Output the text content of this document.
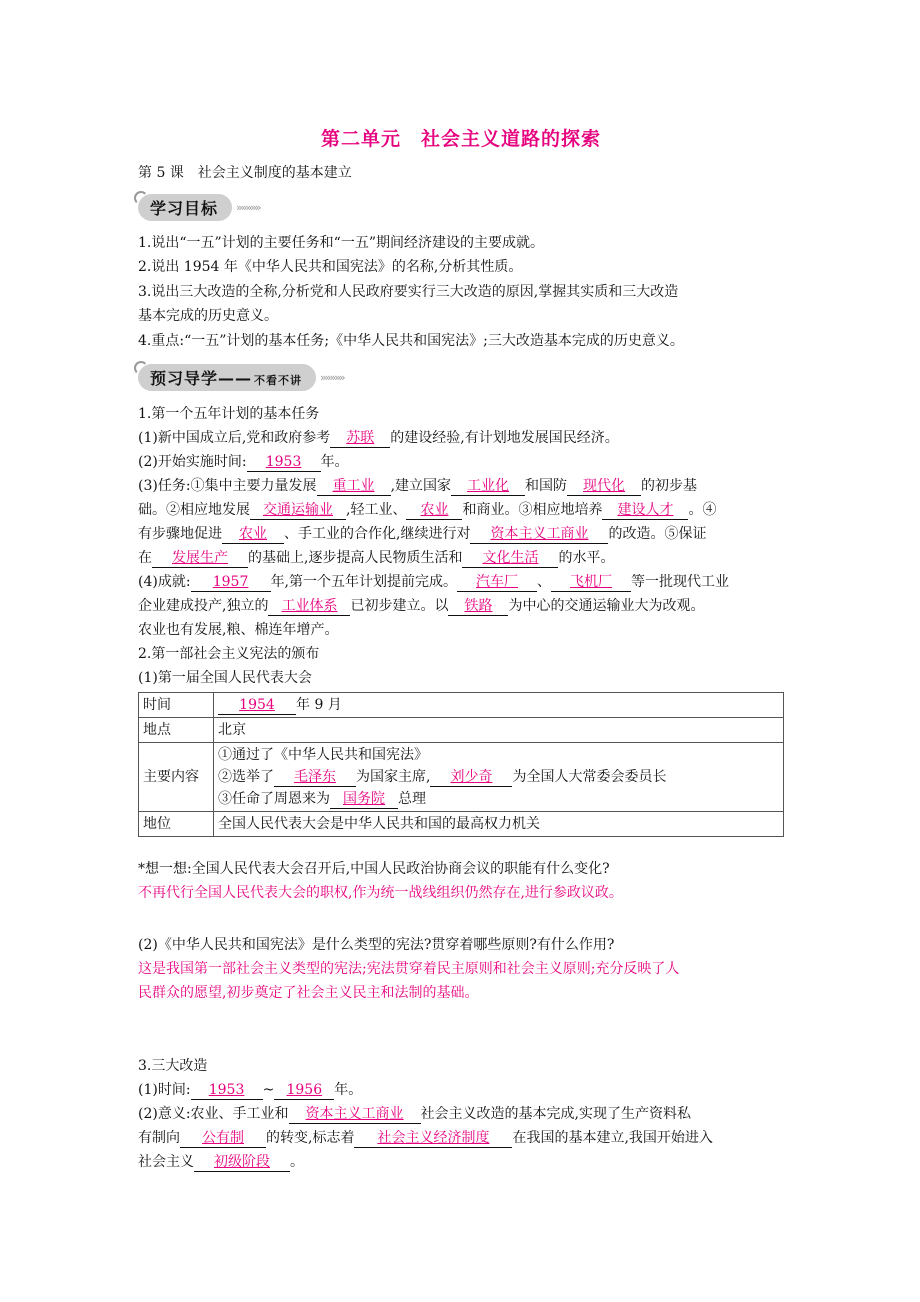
第二单元　社会主义道路的探索
第 5 课　社会主义制度的基本建立
学习目标	»»»»»
1.说出“一五”计划的主要任务和“一五”期间经济建设的主要成就。
2.说出 1954 年《中华人民共和国宪法》的名称,分析其性质。
3.说出三大改造的全称,分析党和人民政府要实行三大改造的原因,掌握其实质和三大改造
基本完成的历史意义。
4.重点:“一五”计划的基本任务;《中华人民共和国宪法》;三大改造基本完成的历史意义。
预习导学—— 不看不讲	»»»»»
1.第一个五年计划的基本任务
(1)新中国成立后,党和政府参考 苏联 的建设经验,有计划地发展国民经济。
(2)开始实施时间: 1953 年。
(3)任务:①集中主要力量发展 重工业 ,建立国家 工业化 和国防 现代化 的初步基
础。②相应地发展 交通运输业 ,轻工业、 农业 和商业。③相应地培养 建设人才 。④
有步骤地促进 农业 、手工业的合作化,继续进行对 资本主义工商业 的改造。⑤保证
在 发展生产 的基础上,逐步提高人民物质生活和 文化生活 的水平。
(4)成就: 1957 年,第一个五年计划提前完成。 汽车厂 、 飞机厂 等一批现代工业
企业建成投产,独立的 工业体系 已初步建立。以 铁路 为中心的交通运输业大为改观。
农业也有发展,粮、棉连年增产。
2.第一部社会主义宪法的颁布
(1)第一届全国人民代表大会
时间	1954 年 9 月
地点	北京
主要内容	①通过了《中华人民共和国宪法》
②选举了 毛泽东 为国家主席, 刘少奇 为全国人大常委会委员长
③任命了周恩来为 国务院 总理

地位	全国人民代表大会是中华人民共和国的最高权力机关
*想一想:全国人民代表大会召开后,中国人民政治协商会议的职能有什么变化?
不再代行全国人民代表大会的职权,作为统一战线组织仍然存在,进行参政议政。
(2)《中华人民共和国宪法》是什么类型的宪法?贯穿着哪些原则?有什么作用?
这是我国第一部社会主义类型的宪法;宪法贯穿着民主原则和社会主义原则;充分反映了人
民群众的愿望,初步奠定了社会主义民主和法制的基础。
3.三大改造
(1)时间: 1953 ~ 1956 年。
(2)意义:农业、手工业和 资本主义工商业 社会主义改造的基本完成,实现了生产资料私
有制向 公有制 的转变,标志着 社会主义经济制度 在我国的基本建立,我国开始进入
社会主义 初级阶段 。
